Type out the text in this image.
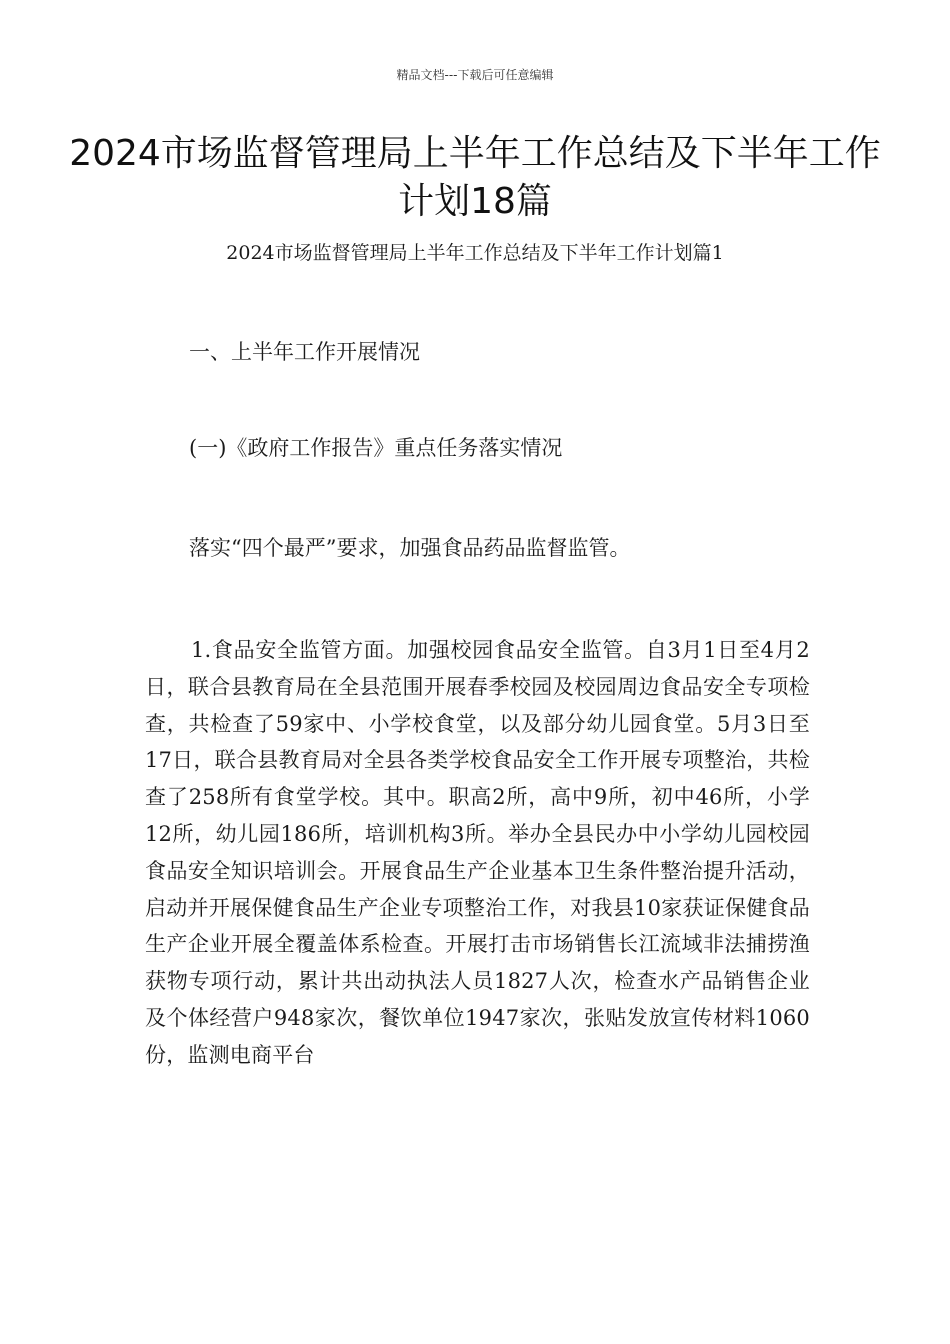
精品文档---下载后可任意编辑
2024市场监督管理局上半年工作总结及下半年工作计划18篇
2024市场监督管理局上半年工作总结及下半年工作计划篇1

一、上半年工作开展情况

(一)《政府工作报告》重点任务落实情况

落实“四个最严”要求，加强食品药品监督监管。

1.食品安全监管方面。加强校园食品安全监管。自3月1日至4月2日，联合县教育局在全县范围开展春季校园及校园周边食品安全专项检查，共检查了59家中、小学校食堂，以及部分幼儿园食堂。5月3日至17日，联合县教育局对全县各类学校食品安全工作开展专项整治，共检查了258所有食堂学校。其中。职高2所，高中9所，初中46所，小学12所，幼儿园186所，培训机构3所。举办全县民办中小学幼儿园校园食品安全知识培训会。开展食品生产企业基本卫生条件整治提升活动，启动并开展保健食品生产企业专项整治工作，对我县10家获证保健食品生产企业开展全覆盖体系检查。开展打击市场销售长江流域非法捕捞渔获物专项行动，累计共出动执法人员1827人次，检查水产品销售企业及个体经营户948家次，餐饮单位1947家次，张贴发放宣传材料1060份，监测电商平台
